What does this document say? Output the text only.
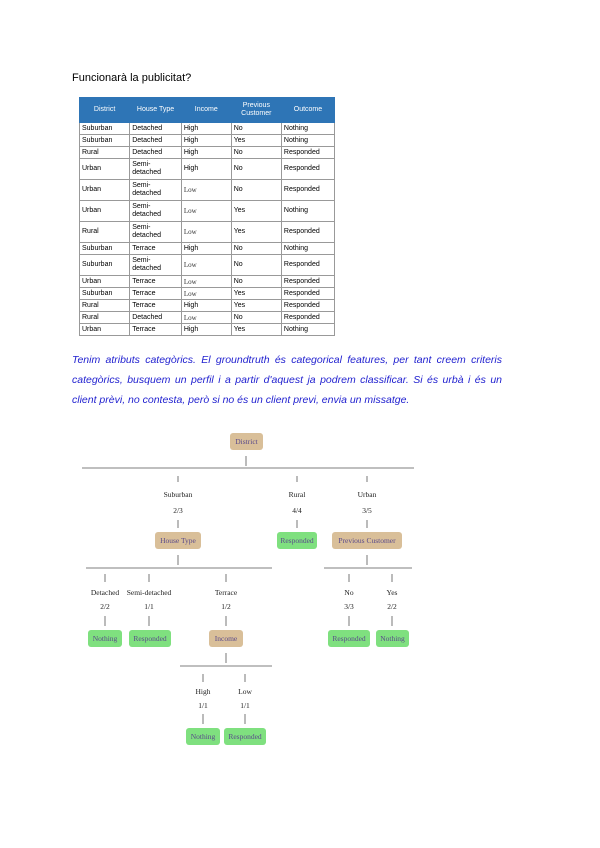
Funcionarà la publicitat?
District	House Type	Income	Previous Customer	Outcome
Suburban	Detached	High	No	Nothing
Suburban	Detached	High	Yes	Nothing
Rural	Detached	High	No	Responded
Urban	Semi-detached	High	No	Responded
Urban	Semi-detached	Low	No	Responded
Urban	Semi-detached	Low	Yes	Nothing
Rural	Semi-detached	Low	Yes	Responded
Suburban	Terrace	High	No	Nothing
Suburban	Semi-detached	Low	No	Responded
Urban	Terrace	Low	No	Responded
Suburban	Terrace	Low	Yes	Responded
Rural	Terrace	High	Yes	Responded
Rural	Detached	Low	No	Responded
Urban	Terrace	High	Yes	Nothing
Tenim atributs categòrics. El groundtruth és categorical features, per tant creem criteris categòrics, busquem un perfil i a partir d'aquest ja podrem classificar. Si és urbà i és un client prèvi, no contesta, però si no és un client previ, envia un missatge.
District
Suburban
2/3
Rural
4/4
Urban
3/5
House Type	Responded	Previous Customer
Detached
2/2
Semi-detached
1/1
Terrace
1/2
No
3/3
Yes
2/2
Nothing Responded	Income	Responded Nothing
High
1/1
Low
1/1
Nothing Responded
